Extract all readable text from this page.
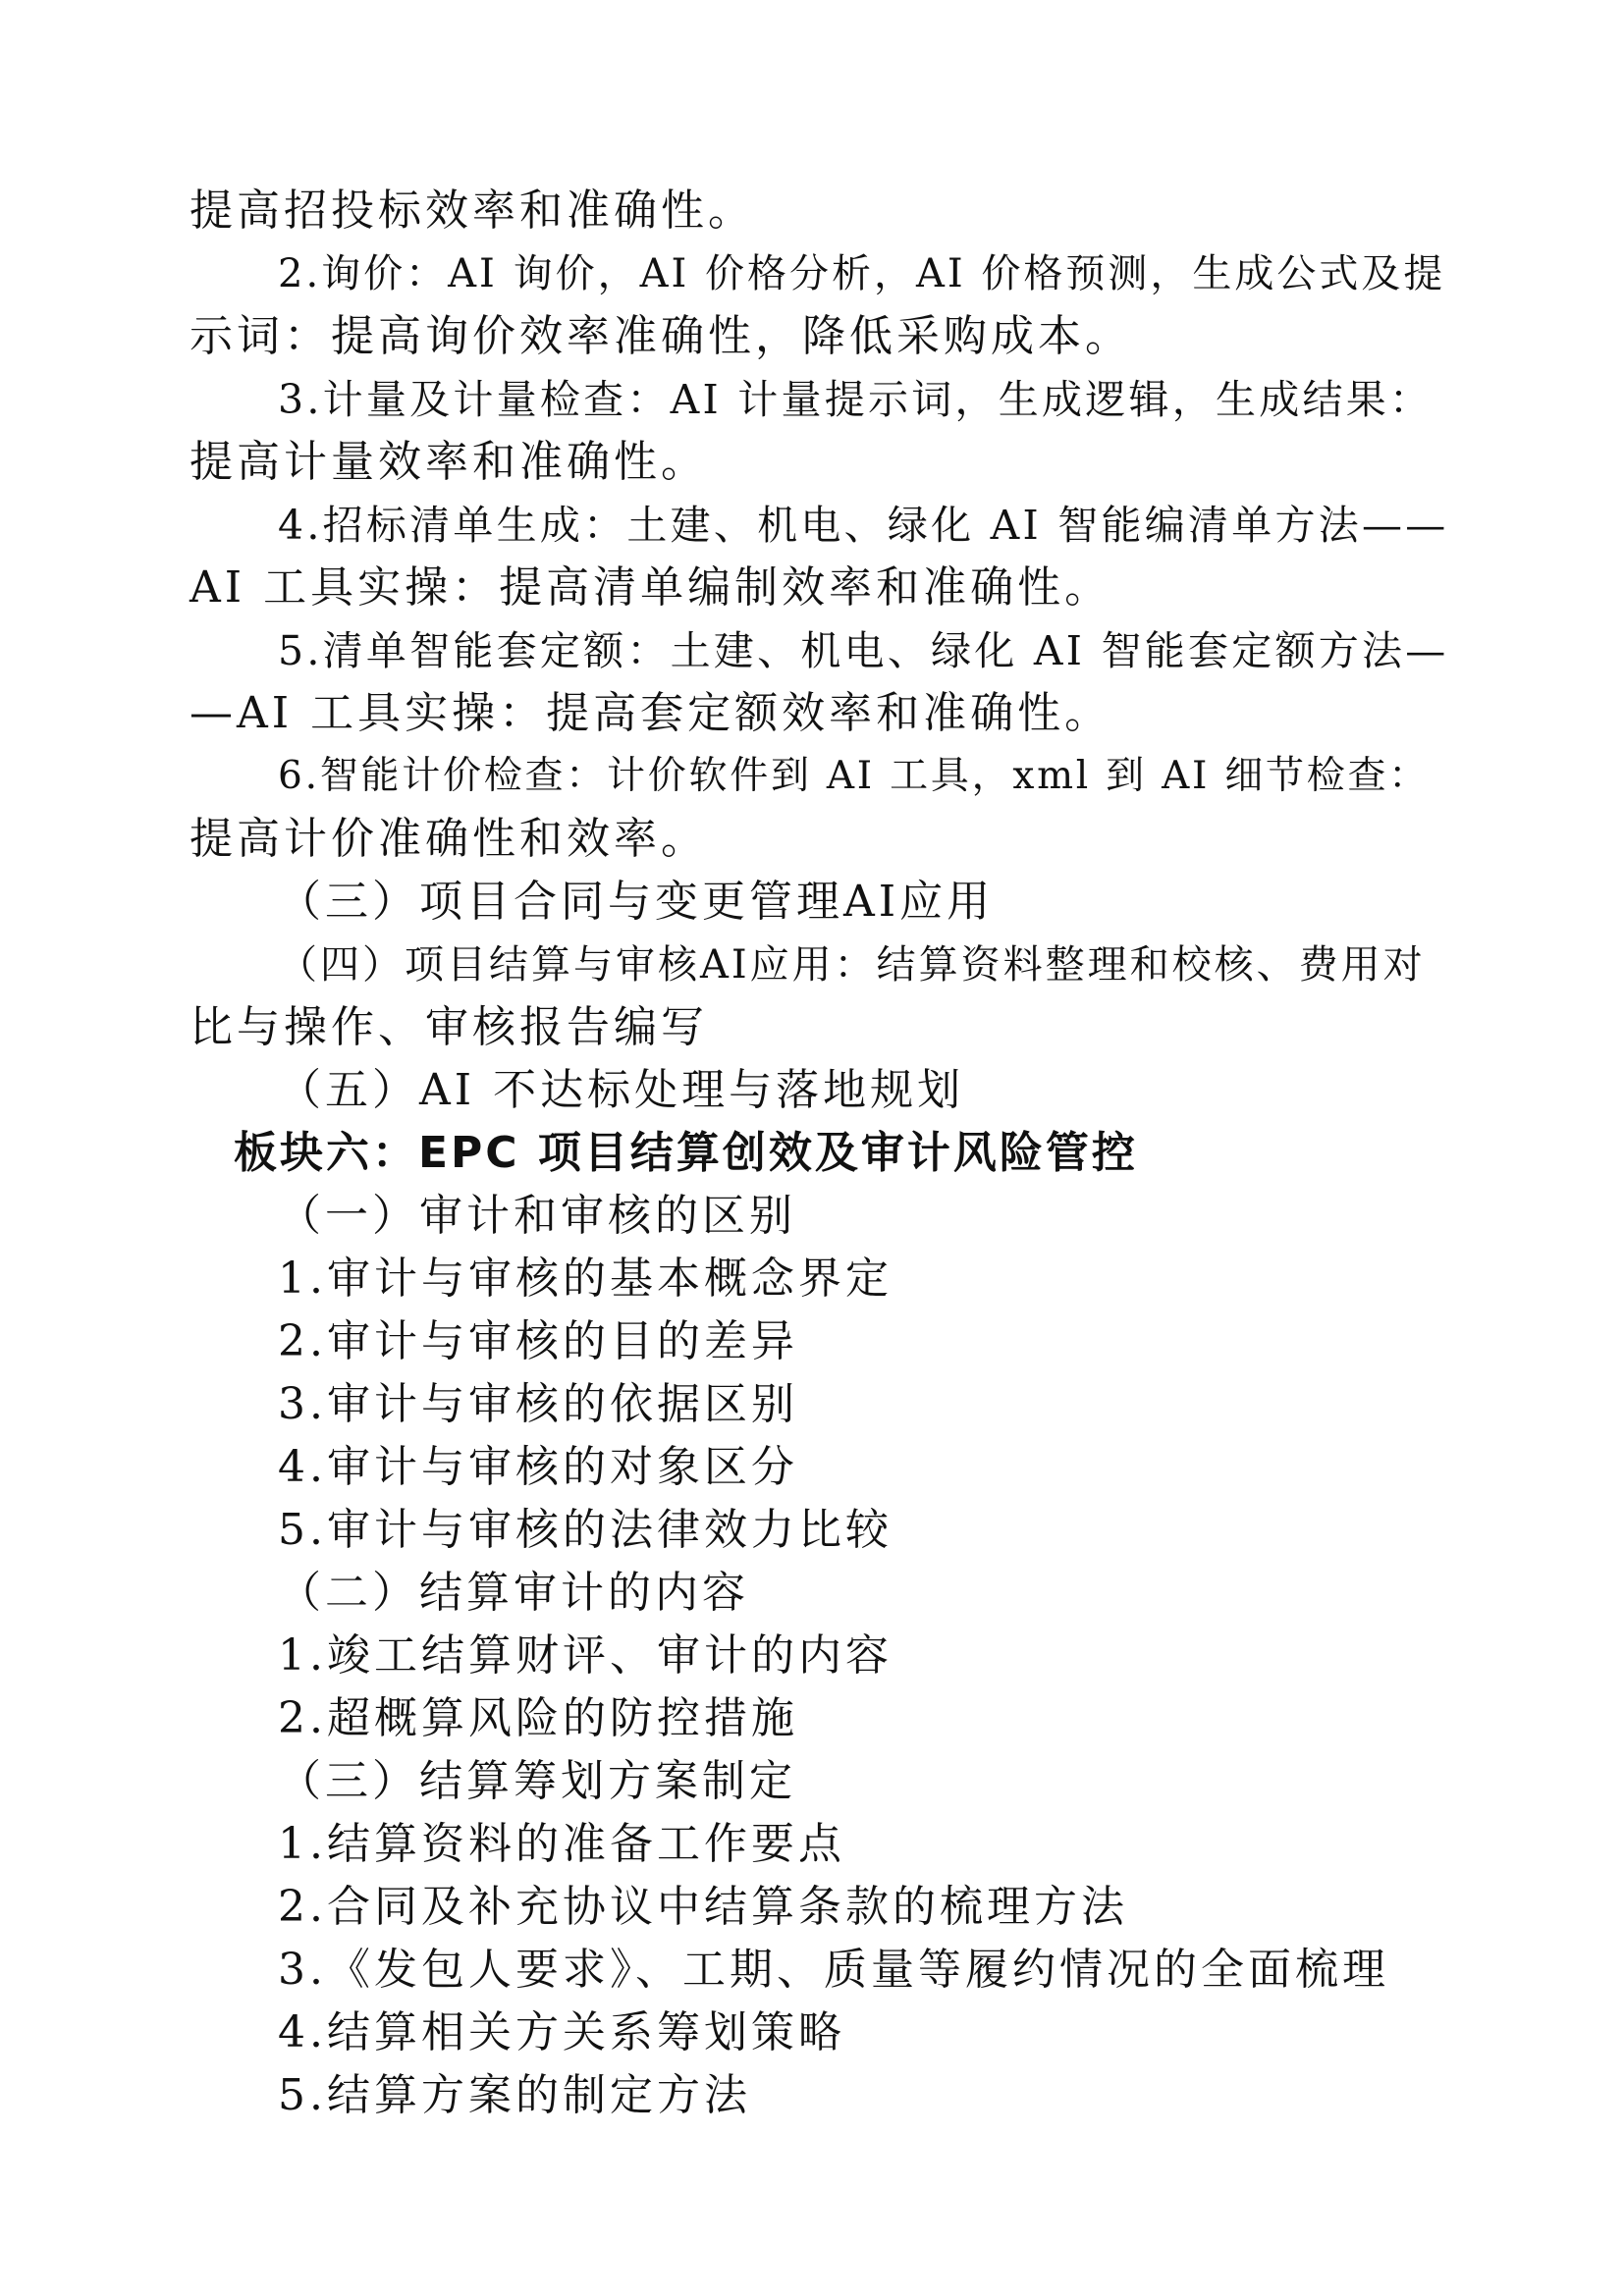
提高招投标效率和准确性。
2.询价：AI 询价，AI 价格分析，AI 价格预测，生成公式及提
示词：提高询价效率准确性，降低采购成本。
3.计量及计量检查：AI 计量提示词，生成逻辑，生成结果：
提高计量效率和准确性。
4.招标清单生成：土建、机电、绿化 AI 智能编清单方法——
AI 工具实操：提高清单编制效率和准确性。
5.清单智能套定额：土建、机电、绿化 AI 智能套定额方法—
—AI 工具实操：提高套定额效率和准确性。
6.智能计价检查：计价软件到 AI 工具，xml 到 AI 细节检查：
提高计价准确性和效率。
（三）项目合同与变更管理AI应用
（四）项目结算与审核AI应用：结算资料整理和校核、费用对
比与操作、审核报告编写
（五）AI 不达标处理与落地规划
板块六：EPC 项目结算创效及审计风险管控
（一）审计和审核的区别
1.审计与审核的基本概念界定
2.审计与审核的目的差异
3.审计与审核的依据区别
4.审计与审核的对象区分
5.审计与审核的法律效力比较
（二）结算审计的内容
1.竣工结算财评、审计的内容
2.超概算风险的防控措施
（三）结算筹划方案制定
1.结算资料的准备工作要点
2.合同及补充协议中结算条款的梳理方法
3.《发包人要求》、工期、质量等履约情况的全面梳理
4.结算相关方关系筹划策略
5.结算方案的制定方法
